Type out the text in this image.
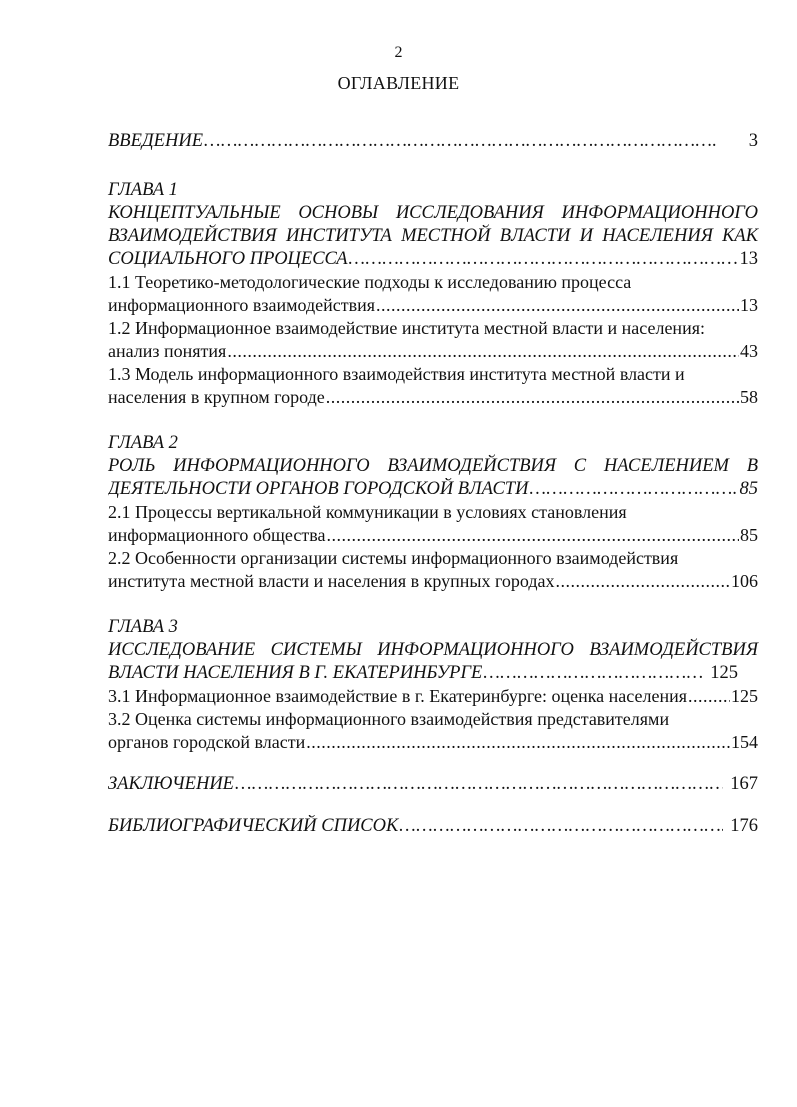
2
ОГЛАВЛЕНИЕ
ВВЕДЕНИЕ …………………………………………………………………………………………………………………………………………………………	3
ГЛАВА 1
КОНЦЕПТУАЛЬНЫЕ ОСНОВЫ ИССЛЕДОВАНИЯ ИНФОРМАЦИОННОГО
ВЗАИМОДЕЙСТВИЯ ИНСТИТУТА МЕСТНОЙ ВЛАСТИ И НАСЕЛЕНИЯ КАК
СОЦИАЛЬНОГО ПРОЦЕССА …………………………………………………………………………………………………………………………………………………………	13
1.1 Теоретико-методологические подходы к исследованию процесса
информационного взаимодействия .....	13
1.2 Информационное взаимодействие института местной власти и населения:
анализ понятия .....	43
1.3 Модель информационного взаимодействия института местной власти и
населения в крупном городе .....	58
ГЛАВА 2
РОЛЬ ИНФОРМАЦИОННОГО ВЗАИМОДЕЙСТВИЯ С НАСЕЛЕНИЕМ В
ДЕЯТЕЛЬНОСТИ ОРГАНОВ ГОРОДСКОЙ ВЛАСТИ …………………………………………………………………………………………………………………………………………………………	85
2.1 Процессы вертикальной коммуникации в условиях становления
информационного общества .....	85
2.2 Особенности организации системы информационного взаимодействия
института местной власти и населения в крупных городах .....	106
ГЛАВА 3
ИССЛЕДОВАНИЕ СИСТЕМЫ ИНФОРМАЦИОННОГО ВЗАИМОДЕЙСТВИЯ
ВЛАСТИ НАСЕЛЕНИЯ В Г. ЕКАТЕРИНБУРГЕ …………………………………………………………………………………………………………………………………………………………	125
3.1 Информационное взаимодействие в г. Екатеринбурге: оценка населения ..... 125
3.2 Оценка системы информационного взаимодействия представителями
органов городской власти .....	154
ЗАКЛЮЧЕНИЕ …………………………………………………………………………………………………………………………………………………………	167
БИБЛИОГРАФИЧЕСКИЙ СПИСОК …………………………………………………………………………………………………………………………………………………………	176
